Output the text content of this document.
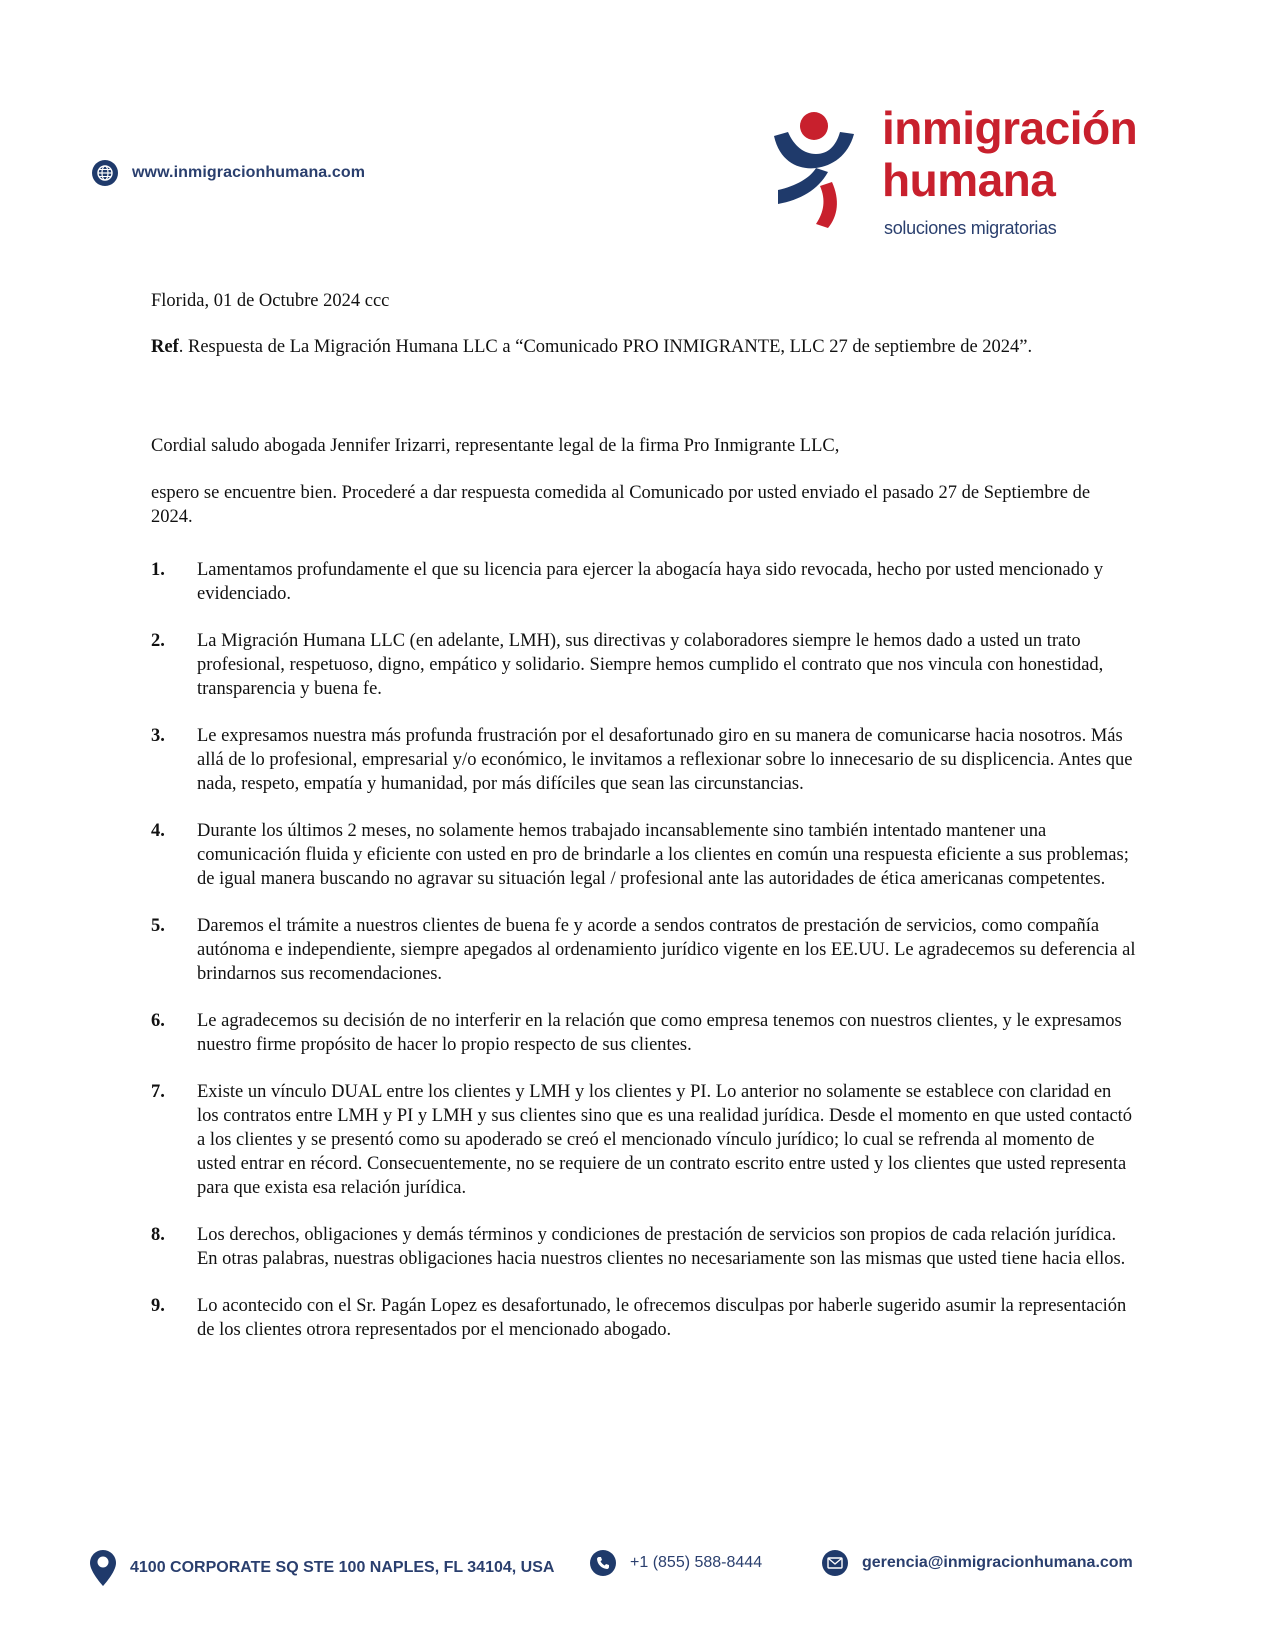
www.inmigracionhumana.com
inmigración
humana
soluciones migratorias

Florida, 01 de Octubre 2024 ccc

Ref. Respuesta de La Migración Humana LLC a “Comunicado PRO INMIGRANTE, LLC 27 de septiembre de 2024”.

Cordial saludo abogada Jennifer Irizarri, representante legal de la firma Pro Inmigrante LLC,

espero se encuentre bien. Procederé a dar respuesta comedida al Comunicado por usted enviado el pasado 27 de Septiembre de 2024.

1.	Lamentamos profundamente el que su licencia para ejercer la abogacía haya sido revocada, hecho por usted mencionado y evidenciado.
2.	La Migración Humana LLC (en adelante, LMH), sus directivas y colaboradores siempre le hemos dado a usted un trato profesional, respetuoso, digno, empático y solidario. Siempre hemos cumplido el contrato que nos vincula con honestidad, transparencia y buena fe.
3.	Le expresamos nuestra más profunda frustración por el desafortunado giro en su manera de comunicarse hacia nosotros. Más allá de lo profesional, empresarial y/o económico, le invitamos a reflexionar sobre lo innecesario de su displicencia. Antes que nada, respeto, empatía y humanidad, por más difíciles que sean las circunstancias.
4.	Durante los últimos 2 meses, no solamente hemos trabajado incansablemente sino también intentado mantener una comunicación fluida y eficiente con usted en pro de brindarle a los clientes en común una respuesta eficiente a sus problemas; de igual manera buscando no agravar su situación legal / profesional ante las autoridades de ética americanas competentes.
5.	Daremos el trámite a nuestros clientes de buena fe y acorde a sendos contratos de prestación de servicios, como compañía autónoma e independiente, siempre apegados al ordenamiento jurídico vigente en los EE.UU. Le agradecemos su deferencia al brindarnos sus recomendaciones.
6.	Le agradecemos su decisión de no interferir en la relación que como empresa tenemos con nuestros clientes, y le expresamos nuestro firme propósito de hacer lo propio respecto de sus clientes.
7.	Existe un vínculo DUAL entre los clientes y LMH y los clientes y PI. Lo anterior no solamente se establece con claridad en los contratos entre LMH y PI y LMH y sus clientes sino que es una realidad jurídica. Desde el momento en que usted contactó a los clientes y se presentó como su apoderado se creó el mencionado vínculo jurídico; lo cual se refrenda al momento de usted entrar en récord. Consecuentemente, no se requiere de un contrato escrito entre usted y los clientes que usted representa para que exista esa relación jurídica.
8.	Los derechos, obligaciones y demás términos y condiciones de prestación de servicios son propios de cada relación jurídica. En otras palabras, nuestras obligaciones hacia nuestros clientes no necesariamente son las mismas que usted tiene hacia ellos.
9.	Lo acontecido con el Sr. Pagán Lopez es desafortunado, le ofrecemos disculpas por haberle sugerido asumir la representación de los clientes otrora representados por el mencionado abogado.
4100 CORPORATE SQ STE 100 NAPLES, FL 34104, USA	+1 (855) 588-8444	gerencia@inmigracionhumana.com
